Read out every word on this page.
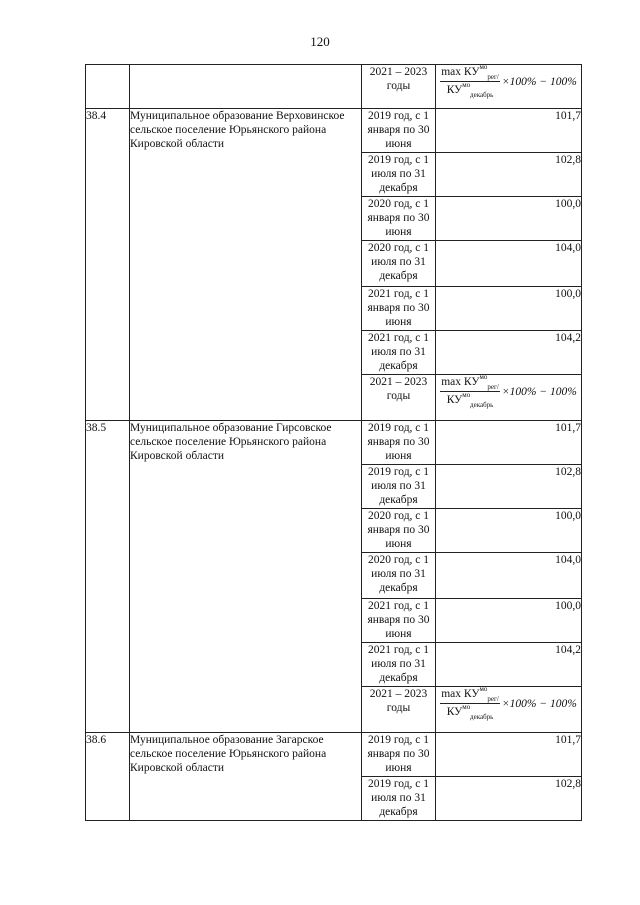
120
		2021 – 2023 годы	$\frac{\max КУ^{мо}_{рег/}}{КУ^{мо}_{декабрь}} \times 100\% - 100\%$

38.4	Муниципальное образование Верховинское сельское поселение Юрьянского района Кировской области	2019 год, с 1 января по 30 июня	101,7
		2019 год, с 1 июля по 31 декабря	102,8
		2020 год, с 1 января по 30 июня	100,0
		2020 год, с 1 июля по 31 декабря	104,0
		2021 год, с 1 января по 30 июня	100,0
		2021 год, с 1 июля по 31 декабря	104,2
		2021 – 2023 годы	$\frac{\max КУ^{мо}_{рег/}}{КУ^{мо}_{декабрь}} \times 100\% - 100\%$

38.5	Муниципальное образование Гирсовское сельское поселение Юрьянского района Кировской области	2019 год, с 1 января по 30 июня	101,7
		2019 год, с 1 июля по 31 декабря	102,8
		2020 год, с 1 января по 30 июня	100,0
		2020 год, с 1 июля по 31 декабря	104,0
		2021 год, с 1 января по 30 июня	100,0
		2021 год, с 1 июля по 31 декабря	104,2
		2021 – 2023 годы	$\frac{\max КУ^{мо}_{рег/}}{КУ^{мо}_{декабрь}} \times 100\% - 100\%$

38.6	Муниципальное образование Загарское сельское поселение Юрьянского района Кировской области	2019 год, с 1 января по 30 июня	101,7
		2019 год, с 1 июля по 31 декабря	102,8
